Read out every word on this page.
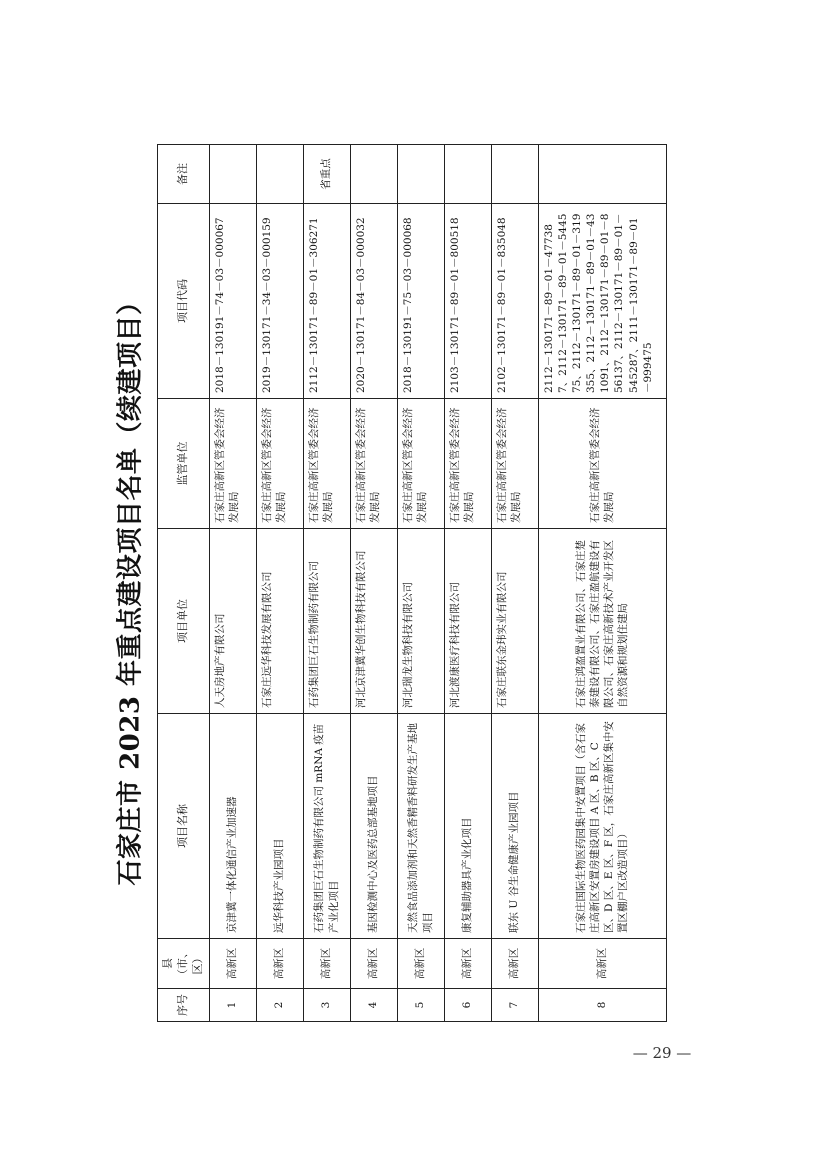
石家庄市 2023 年重点建设项目名单（续建项目）
序号	县（市、区）	项目名称	项目单位	监管单位	项目代码	备注
1	高新区	京津冀一体化通信产业加速器	人天房地产有限公司	石家庄高新区管委会经济发展局	2018－130191－74－03－000067	
2	高新区	远华科技产业园项目	石家庄远华科技发展有限公司	石家庄高新区管委会经济发展局	2019－130171－34－03－000159	
3	高新区	石药集团巨石生物制药有限公司 mRNA 疫苗产业化项目	石药集团巨石生物制药有限公司	石家庄高新区管委会经济发展局	2112－130171－89－01－306271	省重点
4	高新区	基因检测中心及医药总部基地项目	河北京津冀华创生物科技有限公司	石家庄高新区管委会经济发展局	2020－130171－84－03－000032	
5	高新区	天然食品添加剂和天然香精香料研发生产基地项目	河北瑞龙生物科技有限公司	石家庄高新区管委会经济发展局	2018－130191－75－03－000068	
6	高新区	康复辅助器具产业化项目	河北渡康医疗科技有限公司	石家庄高新区管委会经济发展局	2103－130171－89－01－800518	
7	高新区	联东 U 谷生命健康产业园项目	石家庄联东金玮实业有限公司	石家庄高新区管委会经济发展局	2102－130171－89－01－835048	
8	高新区	石家庄国际生物医药园集中安置项目（含石家庄高新区安置房建设项目 A 区、B 区、C 区、D 区、E 区、F 区，石家庄高新区集中安置区棚户区改造项目）	石家庄鸿盈置业有限公司、石家庄楚泰建设有限公司、石家庄盈航建设有限公司、石家庄高新技术产业开发区自然资源和规划住建局	石家庄高新区管委会经济发展局	2112－130171－89－01－477387、2112－130171－89－01－544575、2112－130171－89－01－319355、2112－130171－89－01－431091、2112－130171－89－01－856137、2112－130171－89－01－545287、2111－130171－89－01－999475	
— 29 —
